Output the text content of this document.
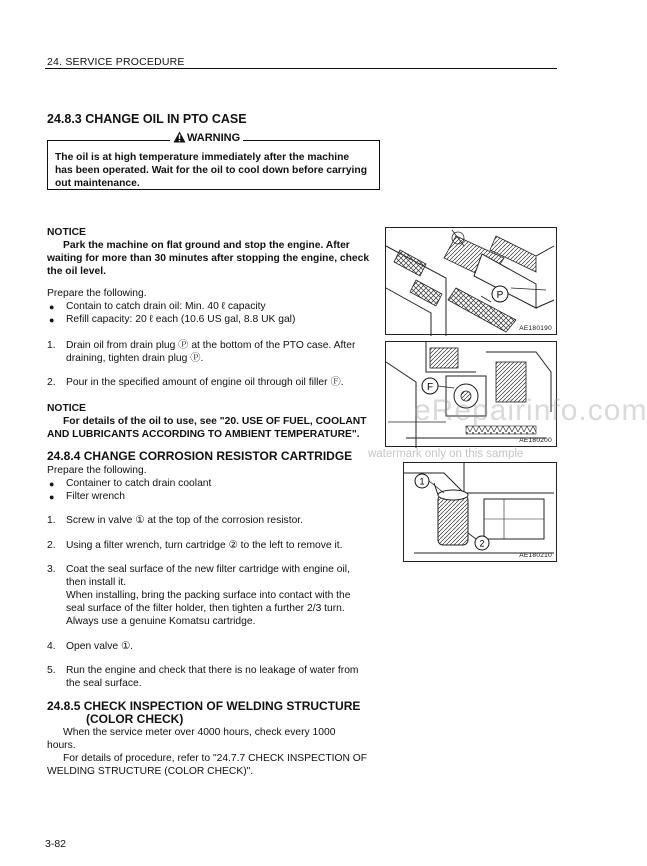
24. SERVICE PROCEDURE
24.8.3 CHANGE OIL IN PTO CASE
WARNING
The oil is at high temperature immediately after the machine
has been operated. Wait for the oil to cool down before carrying
out maintenance.
NOTICE
Park the machine on flat ground and stop the engine. After
waiting for more than 30 minutes after stopping the engine, check
the oil level.
Prepare the following.
● Contain to catch drain oil: Min. 40 ℓ capacity
● Refill capacity: 20 ℓ each (10.6 US gal, 8.8 UK gal)
1. Drain oil from drain plug Ⓟ at the bottom of the PTO case. After
draining, tighten drain plug Ⓟ.
2. Pour in the specified amount of engine oil through oil filler Ⓕ.
NOTICE
For details of the oil to use, see "20. USE OF FUEL, COOLANT
AND LUBRICANTS ACCORDING TO AMBIENT TEMPERATURE".
24.8.4 CHANGE CORROSION RESISTOR CARTRIDGE
Prepare the following.
● Container to catch drain coolant
● Filter wrench
1. Screw in valve ① at the top of the corrosion resistor.
2. Using a filter wrench, turn cartridge ② to the left to remove it.
3. Coat the seal surface of the new filter cartridge with engine oil,
then install it.
When installing, bring the packing surface into contact with the
seal surface of the filter holder, then tighten a further 2/3 turn.
Always use a genuine Komatsu cartridge.
4. Open valve ①.
5. Run the engine and check that there is no leakage of water from
the seal surface.
24.8.5 CHECK INSPECTION OF WELDING STRUCTURE
(COLOR CHECK)
When the service meter over 4000 hours, check every 1000
hours.
For details of procedure, refer to "24.7.7 CHECK INSPECTION OF
WELDING STRUCTURE (COLOR CHECK)".
P
AE180190
F
AE180200
1
2
AE180210
eRepairinfo.com
watermark only on this sample
3-82
